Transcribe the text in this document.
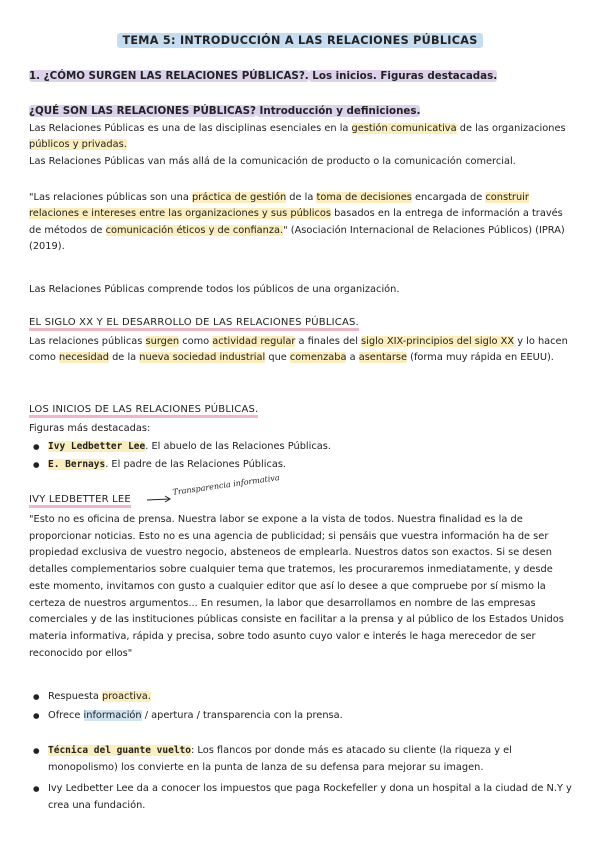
TEMA 5: INTRODUCCIÓN A LAS RELACIONES PÚBLICAS
1. ¿CÓMO SURGEN LAS RELACIONES PÚBLICAS?. Los inicios. Figuras destacadas.
¿QUÉ SON LAS RELACIONES PÚBLICAS? Introducción y definiciones.
Las Relaciones Públicas es una de las disciplinas esenciales en la gestión comunicativa de las organizaciones públicos y privadas.
Las Relaciones Públicas van más allá de la comunicación de producto o la comunicación comercial.
"Las relaciones públicas son una práctica de gestión de la toma de decisiones encargada de construir relaciones e intereses entre las organizaciones y sus públicos basados en la entrega de información a través de métodos de comunicación éticos y de confianza." (Asociación Internacional de Relaciones Públicos) (IPRA) (2019).
Las Relaciones Públicas comprende todos los públicos de una organización.
EL SIGLO XX Y EL DESARROLLO DE LAS RELACIONES PÚBLICAS.
Las relaciones públicas surgen como actividad regular a finales del siglo XIX-principios del siglo XX y lo hacen como necesidad de la nueva sociedad industrial que comenzaba a asentarse (forma muy rápida en EEUU).
LOS INICIOS DE LAS RELACIONES PÚBLICAS.
Figuras más destacadas:
● Ivy Ledbetter Lee. El abuelo de las Relaciones Públicas.
● E. Bernays. El padre de las Relaciones Públicas.
IVY LEDBETTER LEE
Transparencia informativa
"Esto no es oficina de prensa. Nuestra labor se expone a la vista de todos. Nuestra finalidad es la de proporcionar noticias. Esto no es una agencia de publicidad; si pensáis que vuestra información ha de ser propiedad exclusiva de vuestro negocio, absteneos de emplearla. Nuestros datos son exactos. Si se desen detalles complementarios sobre cualquier tema que tratemos, les procuraremos inmediatamente, y desde este momento, invitamos con gusto a cualquier editor que así lo desee a que compruebe por sí mismo la certeza de nuestros argumentos... En resumen, la labor que desarrollamos en nombre de las empresas comerciales y de las instituciones públicas consiste en facilitar a la prensa y al público de los Estados Unidos materia informativa, rápida y precisa, sobre todo asunto cuyo valor e interés le haga merecedor de ser reconocido por ellos"
● Respuesta proactiva.
● Ofrece información / apertura / transparencia con la prensa.
● Técnica del guante vuelto: Los flancos por donde más es atacado su cliente (la riqueza y el monopolismo) los convierte en la punta de lanza de su defensa para mejorar su imagen.
● Ivy Ledbetter Lee da a conocer los impuestos que paga Rockefeller y dona un hospital a la ciudad de N.Y y crea una fundación.
